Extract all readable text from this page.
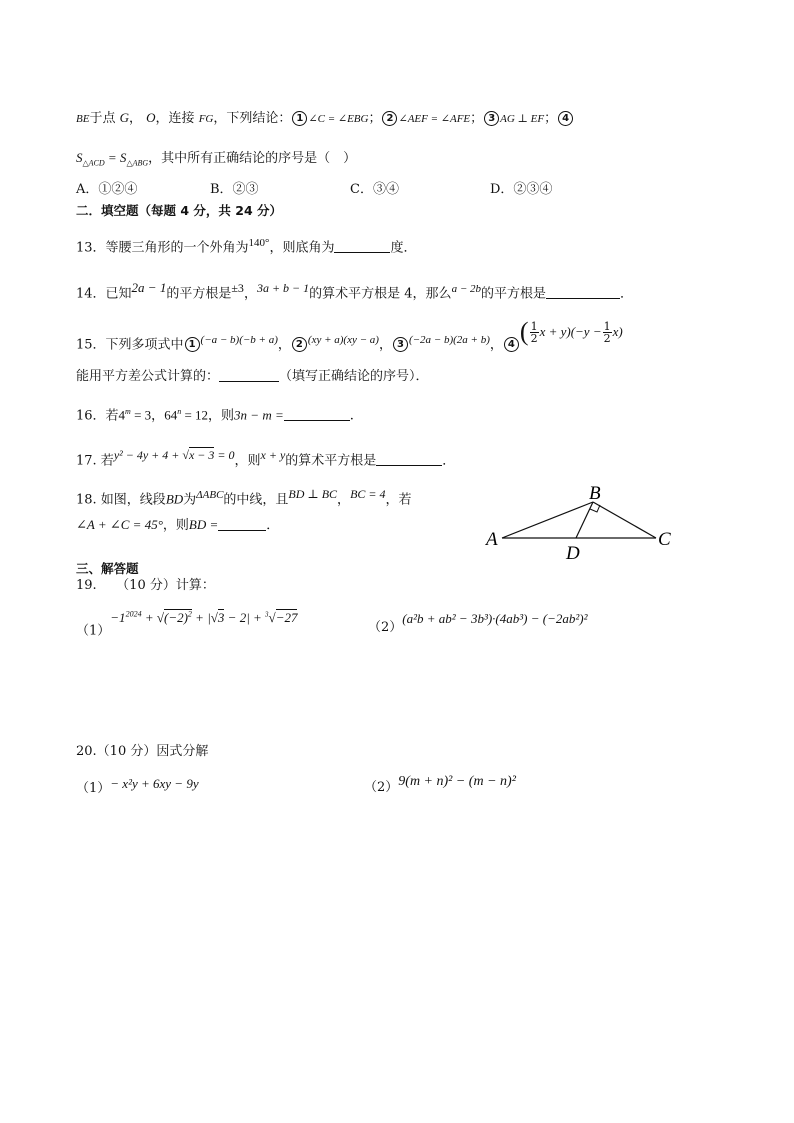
BE于点 G， O，连接 FG，下列结论： 1 ∠C = ∠EBG； 2 ∠AEF = ∠AFE； 3 AG ⊥ EF； 4
$S_{\triangle ACD} = S_{\triangle ABG}$，其中所有正确结论的序号是（　）
A．①②④	B．②③	C．③④	D．②③④
二．填空题（每题 4 分，共 24 分）
13．等腰三角形的一个外角为$^{140^\circ}$，则底角为	度．
14．已知$^{2a - 1}$的平方根是$^{\pm 3}$，$^{3a + b - 1}$的算术平方根是 4，那么$^{a - 2b}$的平方根是	．
15．下列多项式中 1 $^{(-a - b)(-b + a)}$， 2 $^{(xy + a)(xy - a)}$， 3 $^{(-2a - b)(2a + b)}$， 4 ( $\frac{1}{2}$ $x + y)(-y - \frac{1}{2} x)$
能用平方差公式计算的：	（填写正确结论的序号）．
16．若$4^m = 3$，$64^n = 12$，则3n − m =	.
17. 若$^{y^2 - 4y + 4 + √x - 3 = 0}$，则$^{x + y}$的算术平方根是	．
18. 如图，线段BD为$^{\Delta ABC}$的中线，且$^{BD \perp BC}$，$^{BC = 4}$，若
∠A + ∠C = 45°，则BD =	．
A
B
C
D
三、解答题
19.　　（10 分）计算：
$(1)-1^{2024} + √(-2)^2 + |√3 - 2| + ^3√-27$
（2）(a²b + ab² − 3b³)·(4ab³) − (−2ab²)²
20.（10 分）因式分解
（1）− x²y + 6xy − 9y	（2）9(m + n)² − (m − n)²
